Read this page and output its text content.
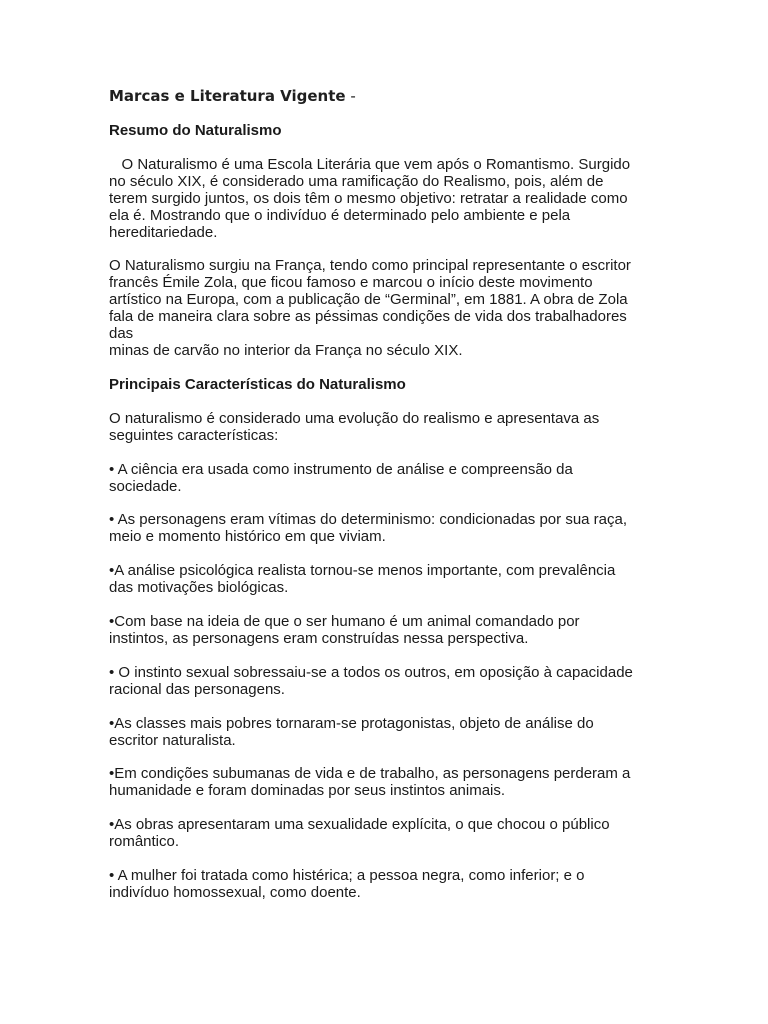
Marcas e Literatura Vigente -
Resumo do Naturalismo

O Naturalismo é uma Escola Literária que vem após o Romantismo. Surgido
no século XIX, é considerado uma ramificação do Realismo, pois, além de
terem surgido juntos, os dois têm o mesmo objetivo: retratar a realidade como
ela é. Mostrando que o indivíduo é determinado pelo ambiente e pela
hereditariedade.

O Naturalismo surgiu na França, tendo como principal representante o escritor
francês Émile Zola, que ficou famoso e marcou o início deste movimento
artístico na Europa, com a publicação de “Germinal”, em 1881. A obra de Zola
fala de maneira clara sobre as péssimas condições de vida dos trabalhadores
das
minas de carvão no interior da França no século XIX.

Principais Características do Naturalismo

O naturalismo é considerado uma evolução do realismo e apresentava as
seguintes características:

• A ciência era usada como instrumento de análise e compreensão da
sociedade.
• As personagens eram vítimas do determinismo: condicionadas por sua raça,
meio e momento histórico em que viviam.
•A análise psicológica realista tornou-se menos importante, com prevalência
das motivações biológicas.
•Com base na ideia de que o ser humano é um animal comandado por
instintos, as personagens eram construídas nessa perspectiva.
• O instinto sexual sobressaiu-se a todos os outros, em oposição à capacidade
racional das personagens.
•As classes mais pobres tornaram-se protagonistas, objeto de análise do
escritor naturalista.
•Em condições subumanas de vida e de trabalho, as personagens perderam a
humanidade e foram dominadas por seus instintos animais.
•As obras apresentaram uma sexualidade explícita, o que chocou o público
romântico.
• A mulher foi tratada como histérica; a pessoa negra, como inferior; e o
indivíduo homossexual, como doente.
